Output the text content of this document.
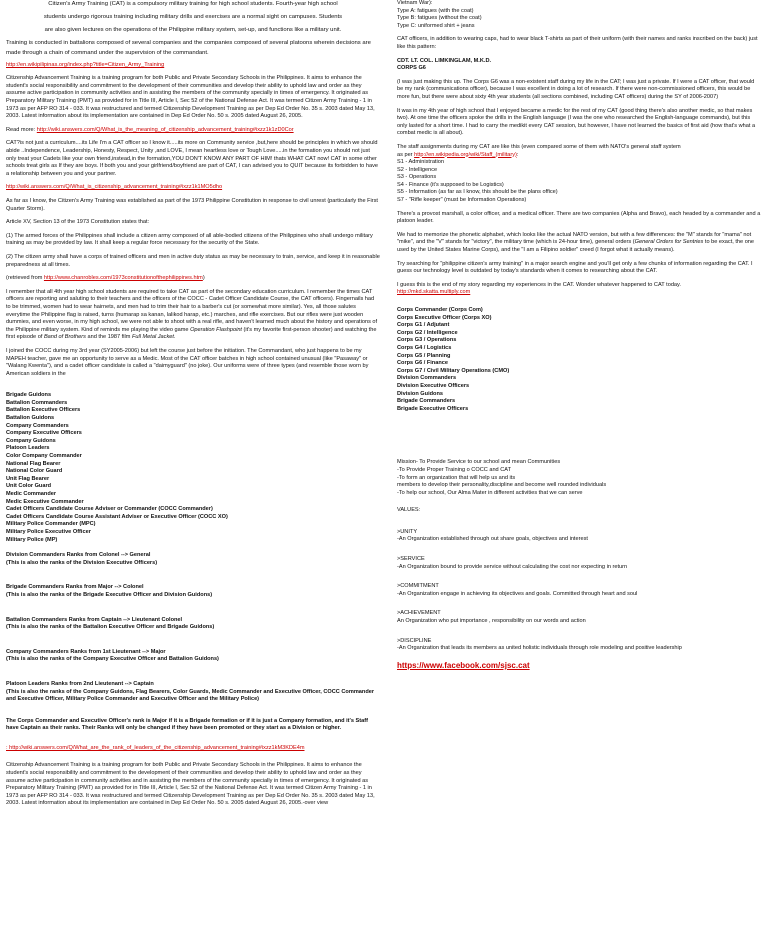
Citizen's Army Training (CAT) is a compulsory military training for high school students. Fourth-year high school

students undergo rigorous training including military drills and exercises are a normal sight on campuses. Students

are also given lectures on the operations of the Philippine military system, set-up, and functions like a military unit.

Training is conducted in battalions composed of several companies and the companies composed of several platoons wherein decisions are made through a chain of command under the supervision of the commandant.

http://en.wikipilipinas.org/index.php?title=Citizen_Army_Training

Citizenship Advancement Training is a training program for both Public and Private Secondary Schools in the Philippines. It aims to enhance the student's social responsibility and commitment to the development of their communities and develop their ability to uphold law and order as they assume active participation in community activities and in assisting the members of the community specially in times of emergency. It originated as Preparatory Military Training (PMT) as provided for in Title III, Article I, Sec 52 of the National Defense Act. It was termed Citizen Army Training - 1 in 1973 as per AFP RO 314 - 033. It was restructured and termed Citizenship Development Training as per Dep Ed Order No. 35 s. 2003 dated May 13, 2003. Latest information about its implementation are contained in Dep Ed Order No. 50 s. 2005 dated August 26, 2005.

Read more: http://wiki.answers.com/Q/What_is_the_meaning_of_citizenship_advancement_training#ixzz1k1zD0Cor

CAT?is not just a curriculum....its Life I'm a CAT officer so I know it.....its more on Community service ,but,here should be principles in which we should abide ..Independence, Leadership, Honesty, Respect, Unity ,and LOVE, I mean heartless love or Tough Love.....in the formation you should not just only treat your Cadets like your own friend,instead,in the formation,YOU DON'T KNOW ANY PART OF HIM! thats WHAT CAT now! CAT in some other schools treat girls as If they are boys. If both you and your girlfriend/boyfriend are part of CAT, I can advised you to QUIT because its forbidden to have a relationship between you and your partner.

http://wiki.answers.com/Q/What_is_citizenship_advancement_training#ixzz1k1MO5dho

As far as I know, the Citizen's Army Training was established as part of the 1973 Philippine Constitution in response to civil unrest (particularly the First Quarter Storm).

Article XV, Section 13 of the 1973 Constitution states that:

(1) The armed forces of the Philippines shall include a citizen army composed of all able-bodied citizens of the Philippines who shall undergo military training as may be provided by law. It shall keep a regular force necessary for the security of the State.

(2) The citizen army shall have a corps of trained officers and men in active duty status as may be necessary to train, service, and keep it in reasonable preparedness at all times.

(retrieved from http://www.chanrobles.com/1973constitutionofthephilippines.htm)

I remember that all 4th year high school students are required to take CAT as part of the secondary education curriculum. I remember the times CAT officers are reporting and saluting to their teachers and the officers of the COCC - Cadet Officer Candidate Course, the CAT officers). Fingernails had to be trimmed, women had to wear hairnets, and men had to trim their hair to a barber's cut (or somewhat more similar). Yes, all those salutes everytime the Philippine flag is raised, turns (humarap sa kanan, lalikod harap, etc.) marches, and rifle exercises. But our rifles were just wooden dummies, and even worse, in my high school, we were not able to shoot with a real rifle, and haven't learned much about the history and operations of the Philippine military system. Kind of reminds me playing the video game Operation Flashpoint (it's my favorite first-person shooter) and watching the first episode of Band of Brothers and the 1987 film Full Metal Jacket.

I joined the COCC during my 3rd year (SY2005-2006) but left the course just before the initiation. The Commandant, who just happens to be my MAPEH teacher, gave me an opportunity to serve as a Medic. Most of the CAT officer batches in high school contained unusual (like "Pasaway" or "Walang Kwenta"), and a cadet officer candidate is called a "daimyguard" (no joke). Our uniforms were of three types (and resemble those worn by American soldiers in the

Brigade Guidons
Battalion Commanders
Battalion Executive Officers
Battalion Guidons
Company Commanders
Company Executive Officers
Company Guidons
Platoon Leaders
Color Company Commander
National Flag Bearer
National Color Guard
Unit Flag Bearer
Unit Color Guard
Medic Commander
Medic Executive Commander
Cadet Officers Candidate Course Adviser or Commander (COCC Commander)
Cadet Officers Candidate Course Assistant Adviser or Executive Officer (COCC XO)
Military Police Commander (MPC)
Military Police Executive Officer
Military Police (MP)
Division Commanders Ranks from Colonel --> General
(This is also the ranks of the Division Executive Officers)
Brigade Commanders Ranks from Major --> Colonel
(This is also the ranks of the Brigade Executive Officer and Division Guidons)
Battalion Commanders Ranks from Captain --> Lieutenant Colonel
(This is also the ranks of the Battalion Executive Officer and Brigade Guidons)
Company Commanders Ranks from 1st Lieutenant --> Major
(This is also the ranks of the Company Executive Officer and Battalion Guidons)

Platoon Leaders Ranks from 2nd Lieutenant --> Captain
(This is also the ranks of the Company Guidons, Flag Bearers, Color Guards, Medic Commander and Executive Officer, COCC Commander and Executive Officer, Military Police Commander and Executive Officer and the Military Police)

The Corps Commander and Executive Officer's rank is Major if it is a Brigade formation or if it is just a Company formation, and it's Staff have Captain as their ranks. Their Ranks will only be changed if they have been promoted or they start as a Division or higher.

: http://wiki.answers.com/Q/What_are_the_rank_of_leaders_of_the_citizenship_advancement_training#ixzz1kM3KDE4m

Citizenship Advancement Training is a training program for both Public and Private Secondary Schools in the Philippines. It aims to enhance the student's social responsibility and commitment to the development of their communities and develop their ability to uphold law and order as they assume active participation in community activities and in assisting the members of the community specially in times of emergency. It originated as Preparatory Military Training (PMT) as provided for in Title III, Article I, Sec 52 of the National Defense Act. It was termed Citizen Army Training - 1 in 1973 as per AFP RO 314 - 033. It was restructured and termed Citizenship Development Training as per Dep Ed Order No. 35 s. 2003 dated May 13, 2003. Latest information about its implementation are contained in Dep Ed Order No. 50 s. 2005 dated August 26, 2005.-over view

Vietnam War):
Type A: fatigues (with the coat)
Type B: fatigues (without the coat)
Type C: uniformed shirt + jeans

CAT officers, in addition to wearing caps, had to wear black T-shirts as part of their uniform (with their names and ranks inscribed on the back) just like this pattern:

CDT. LT. COL. LIMKINGLAM, M.K.D.
CORPS G6

(I was just making this up. The Corps G6 was a non-existent staff during my life in the CAT; I was just a private. If I were a CAT officer, that would be my rank (communications officer), because I was excellent in doing a lot of research. If there were non-commissioned officers, this would be more fun, but there were about sixty 4th year students (all sections combined, including CAT officers) during the SY of 2006-2007)

It was in my 4th year of high school that I enjoyed became a medic for the rest of my CAT (good thing there's also another medic, so that makes two). At one time the officers spoke the drills in the English language (I was the one who researched the English-language commands), but this only lasted for a short time. I had to carry the medikit every CAT session, but however, I have not learned the basics of first aid (how that's what a combat medic is all about).

The staff assignments during my CAT are like this (even compared some of them with NATO's general staff system
as per http://en.wikipedia.org/wiki/Staff_(military):
S1 - Administration
S2 - Intelligence
S3 - Operations
S4 - Finance (it's supposed to be Logistics)
S5 - Information (as far as I know, this should be the plans office)
S7 - "Rifle keeper" (must be Information Operations)

There's a provost marshall, a color officer, and a medical officer. There are two companies (Alpha and Bravo), each headed by a commander and a platoon leader.

We had to memorize the phonetic alphabet, which looks like the actual NATO version, but with a few differences: the "M" stands for "mama" not "mike", and the "V" stands for "victory", the military time (which is 24-hour time), general orders (General Orders for Sentries to be exact, the one used by the United States Marine Corps), and the "I am a Filipino soldier" creed (I forgot what it actually means).

Try searching for "philippine citizen's army training" in a major search engine and you'll get only a few chunks of information regarding the CAT. I guess our technology level is outdated by today's standards when it comes to researching about the CAT.

I guess this is the end of my story regarding my experiences in the CAT. Wonder whatever happened to CAT today.
http://mkd.skatta.multiply.com
Corps Commander (Corps Com)
Corps Executive Officer (Corps XO)
Corps G1 / Adjutant
Corps G2 / Intelligence
Corps G3 / Operations
Corps G4 / Logistics
Corps G5 / Planning
Corps G6 / Finance
Corps G7 / Civil Military Operations (CMO)
Division Commanders
Division Executive Officers
Division Guidons
Brigade Commanders
Brigade Executive Officers
Mission- To Provide Service to our school and mean Communities
-To Provide Proper Training o COCC and CAT
-To form an organization that will help us and its
members to develop their personality,discipline and become well rounded individuals
-To help our school, Our Alma Mater in different activities that we can serve

VALUES:

>UNITY
-An Organization established through out share goals, objectives and interest
>SERVICE
-An Organization bound to provide service without calculating the cost nor expecting in return
>COMMITMENT
-An Organization engage in achieving its objectives and goals. Committed through heart and soul
>ACHIEVEMENT
An Organization who put importance , responsibility on our words and action
>DISCIPLINE
-An Organization that leads its members as united holistic individuals through role modeling and positive leadership
https://www.facebook.com/sjsc.cat
